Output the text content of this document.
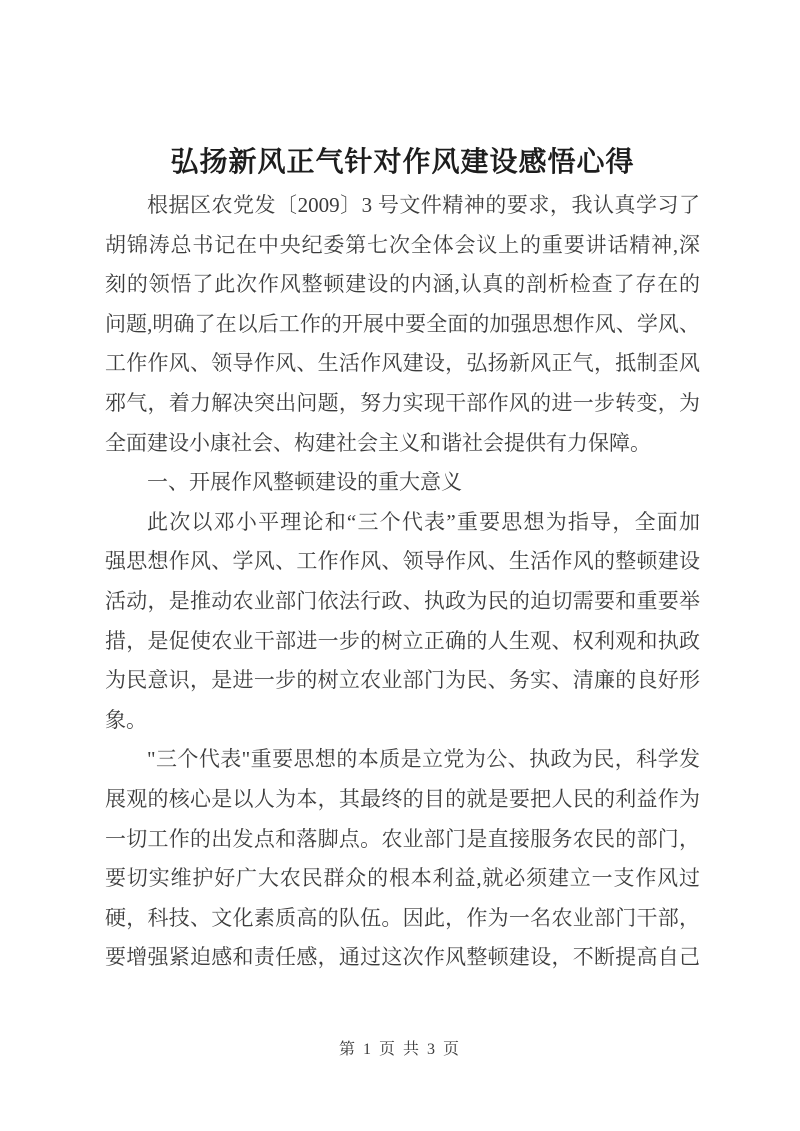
弘扬新风正气针对作风建设感悟心得
根据区农党发〔2009〕3 号文件精神的要求，我认真学习了
胡锦涛总书记在中央纪委第七次全体会议上的重要讲话精神,深
刻的领悟了此次作风整顿建设的内涵,认真的剖析检查了存在的
问题,明确了在以后工作的开展中要全面的加强思想作风、学风、
工作作风、领导作风、生活作风建设，弘扬新风正气，抵制歪风
邪气，着力解决突出问题，努力实现干部作风的进一步转变，为
全面建设小康社会、构建社会主义和谐社会提供有力保障。
一、开展作风整顿建设的重大意义
此次以邓小平理论和“三个代表”重要思想为指导，全面加
强思想作风、学风、工作作风、领导作风、生活作风的整顿建设
活动，是推动农业部门依法行政、执政为民的迫切需要和重要举
措，是促使农业干部进一步的树立正确的人生观、权利观和执政
为民意识，是进一步的树立农业部门为民、务实、清廉的良好形
象。
"三个代表"重要思想的本质是立党为公、执政为民，科学发
展观的核心是以人为本，其最终的目的就是要把人民的利益作为
一切工作的出发点和落脚点。农业部门是直接服务农民的部门，
要切实维护好广大农民群众的根本利益,就必须建立一支作风过
硬，科技、文化素质高的队伍。因此，作为一名农业部门干部，
要增强紧迫感和责任感，通过这次作风整顿建设，不断提高自己
第 1 页 共 3 页
